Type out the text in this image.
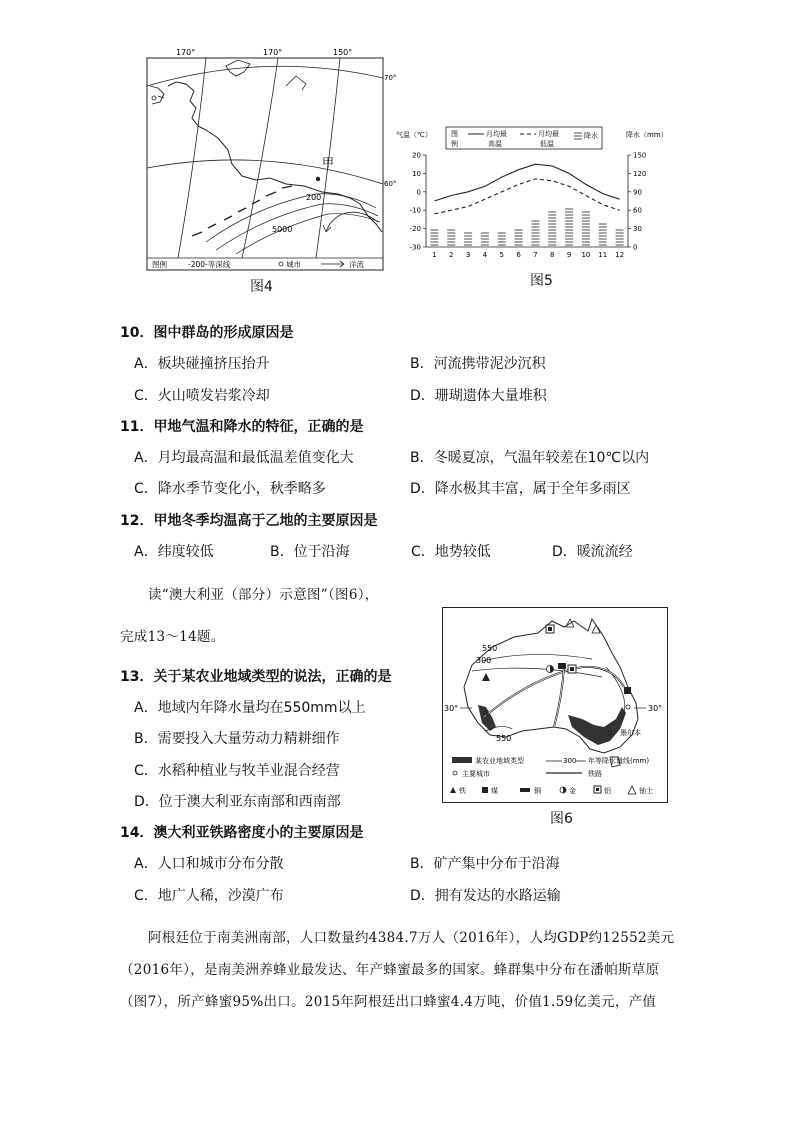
170°	170°	150°
70°
60°
甲
200
5000
图例	-200-等深线	城市	洋流
图4
气温（℃）	降水（mm）
图
例
月均最
高温
月均最
低温
降水
20
10
0
-10
-20
-30
150
120
90
60
30
0
1 2 3 4 5 6 7 8 9 10 11 12
图5
10．图中群岛的形成原因是
A．板块碰撞挤压抬升	B．河流携带泥沙沉积
C．火山喷发岩浆冷却	D．珊瑚遗体大量堆积
11．甲地气温和降水的特征，正确的是
A．月均最高温和最低温差值变化大	B．冬暖夏凉，气温年较差在10℃以内
C．降水季节变化小，秋季略多	D．降水极其丰富，属于全年多雨区
12．甲地冬季均温高于乙地的主要原因是
A．纬度较低	B．位于沿海	C．地势较低	D．暖流流经
读“澳大利亚（部分）示意图”（图6），
完成13～14题。
550
300
550
30°	30°
墨尔本
某农业地域类型	300 年等降水量线(mm)
主要城市	铁路
铁	煤	铜	金	铝	铀土
图6
13．关于某农业地域类型的说法，正确的是
A．地域内年降水量均在550mm以上
B．需要投入大量劳动力精耕细作
C．水稻种植业与牧羊业混合经营
D．位于澳大利亚东南部和西南部
14．澳大利亚铁路密度小的主要原因是
A．人口和城市分布分散	B．矿产集中分布于沿海
C．地广人稀，沙漠广布	D．拥有发达的水路运输
阿根廷位于南美洲南部，人口数量约4384.7万人（2016年），人均GDP约12552美元
（2016年），是南美洲养蜂业最发达、年产蜂蜜最多的国家。蜂群集中分布在潘帕斯草原
（图7），所产蜂蜜95%出口。2015年阿根廷出口蜂蜜4.4万吨，价值1.59亿美元，产值
